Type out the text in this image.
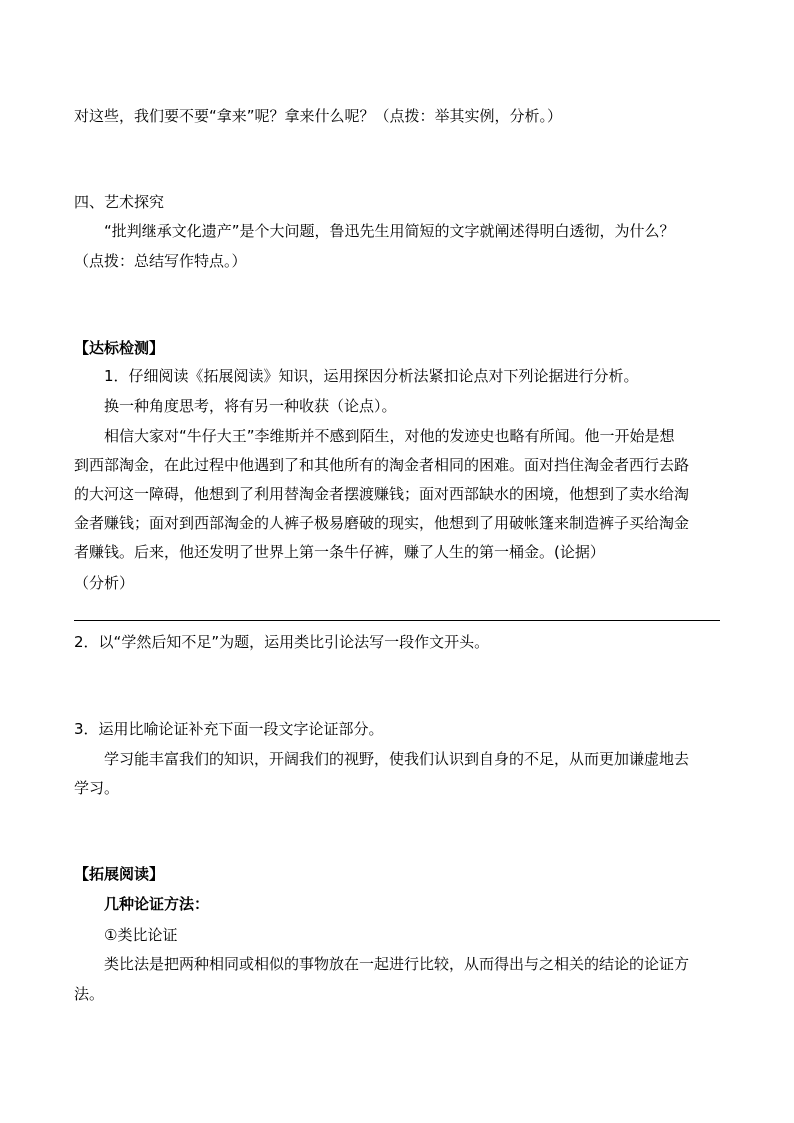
对这些，我们要不要“拿来”呢？拿来什么呢？（点拨：举其实例，分析。）
四、艺术探究
“批判继承文化遗产”是个大问题，鲁迅先生用简短的文字就阐述得明白透彻，为什么？
（点拨：总结写作特点。）
【达标检测】
1．仔细阅读《拓展阅读》知识，运用探因分析法紧扣论点对下列论据进行分析。
换一种角度思考，将有另一种收获（论点）。
相信大家对“牛仔大王”李维斯并不感到陌生，对他的发迹史也略有所闻。他一开始是想
到西部淘金，在此过程中他遇到了和其他所有的淘金者相同的困难。面对挡住淘金者西行去路
的大河这一障碍，他想到了利用替淘金者摆渡赚钱；面对西部缺水的困境，他想到了卖水给淘
金者赚钱；面对到西部淘金的人裤子极易磨破的现实，他想到了用破帐篷来制造裤子买给淘金
者赚钱。后来，他还发明了世界上第一条牛仔裤，赚了人生的第一桶金。(论据）
（分析）
2．以“学然后知不足”为题，运用类比引论法写一段作文开头。
3．运用比喻论证补充下面一段文字论证部分。
学习能丰富我们的知识，开阔我们的视野，使我们认识到自身的不足，从而更加谦虚地去
学习。
【拓展阅读】
几种论证方法：
①类比论证
类比法是把两种相同或相似的事物放在一起进行比较，从而得出与之相关的结论的论证方
法。
